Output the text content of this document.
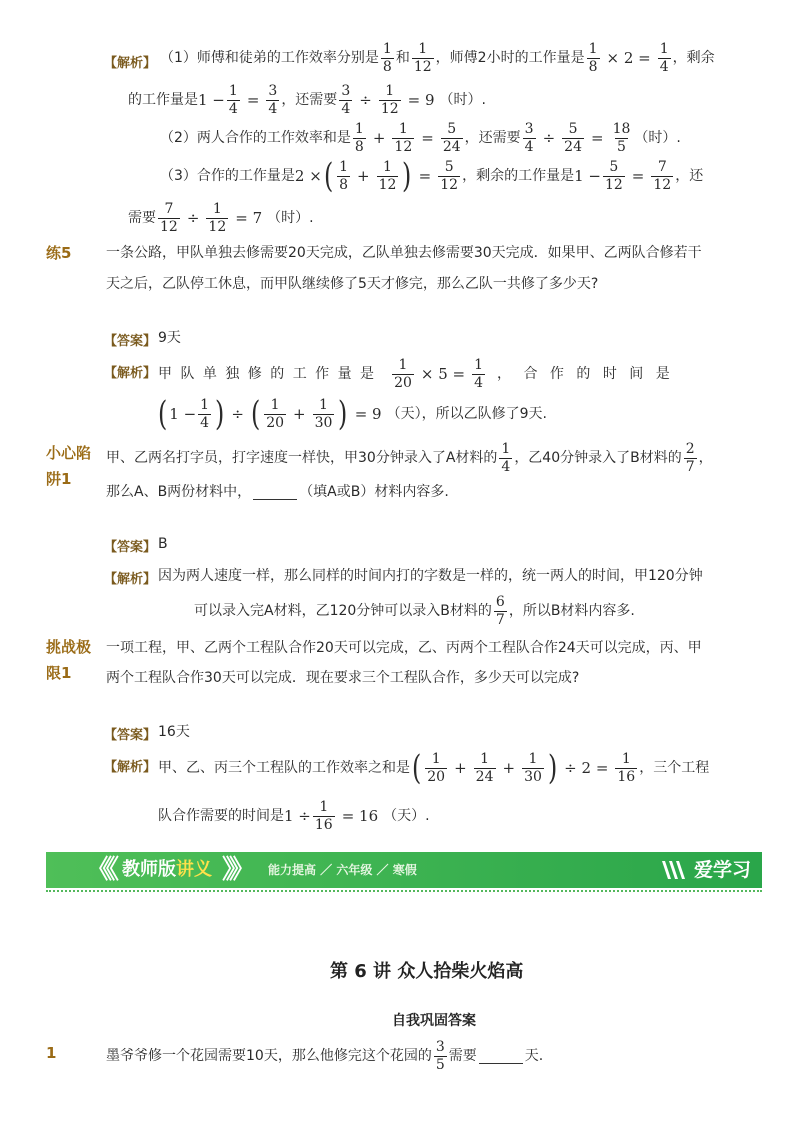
【解析】 （1）师傅和徒弟的工作效率分别是 $\frac{1}{8}$ 和 $\frac{1}{12}$ ，师傅2小时的工作量是 $\frac{1}{8} \times 2 = \frac{1}{4}$ ，剩余
的工作量是 $1 - \frac{1}{4} = \frac{3}{4}$ ，还需要 $\frac{3}{4} \div \frac{1}{12} = 9$ （时）.
（2）两人合作的工作效率和是 $\frac{1}{8} + \frac{1}{12} = \frac{5}{24}$ ，还需要 $\frac{3}{4} \div \frac{5}{24} = \frac{18}{5}$ （时）.
（3）合作的工作量是 2 × ( $\frac{1}{8} + \frac{1}{12}$ ) = $\frac{5}{12}$ ，剩余的工作量是 $1 - \frac{5}{12} = \frac{7}{12}$ ，还
需要 $\frac{7}{12} \div \frac{1}{12} = 7$ （时）.
练5 一条公路，甲队单独去修需要20天完成，乙队单独去修需要30天完成．如果甲、乙两队合修若干
天之后，乙队停工休息，而甲队继续修了5天才修完，那么乙队一共修了多少天?
【答案】 9天
【解析】 甲 队 单 独 修 的 工 作 量 是 $\frac{1}{20} \times 5 = \frac{1}{4}$ ， 合 作 的 时 间 是
( $1 - \frac{1}{4}$ ) ÷ ( $\frac{1}{20} + \frac{1}{30}$ ) = 9 （天），所以乙队修了9天.
小心陷
阱1
甲、乙两名打字员，打字速度一样快，甲30分钟录入了A材料的 $\frac{1}{4}$ ，乙40分钟录入了B材料的 $\frac{2}{7}$ ，
那么A、B两份材料中，	（填A或B）材料内容多.
【答案】 B
【解析】 因为两人速度一样，那么同样的时间内打的字数是一样的，统一两人的时间，甲120分钟
可以录入完A材料，乙120分钟可以录入B材料的 $\frac{6}{7}$ ，所以B材料内容多.
挑战极
限1
一项工程，甲、乙两个工程队合作20天可以完成，乙、丙两个工程队合作24天可以完成，丙、甲
两个工程队合作30天可以完成．现在要求三个工程队合作，多少天可以完成?
【答案】 16天
【解析】 甲、乙、丙三个工程队的工作效率之和是 ( $\frac{1}{20} + \frac{1}{24} + \frac{1}{30}$ ) ÷ $2 = \frac{1}{16}$ ，三个工程
队合作需要的时间是 $1 \div \frac{1}{16} = 16$ （天）.
《《 教师版讲义 》》 能力提高 ／ 六年级 ／ 寒假	爱学习
第 6 讲 众人拾柴火焰高
自我巩固答案
1	墨爷爷修一个花园需要10天，那么他修完这个花园的 $\frac{3}{5}$ 需要	天.
